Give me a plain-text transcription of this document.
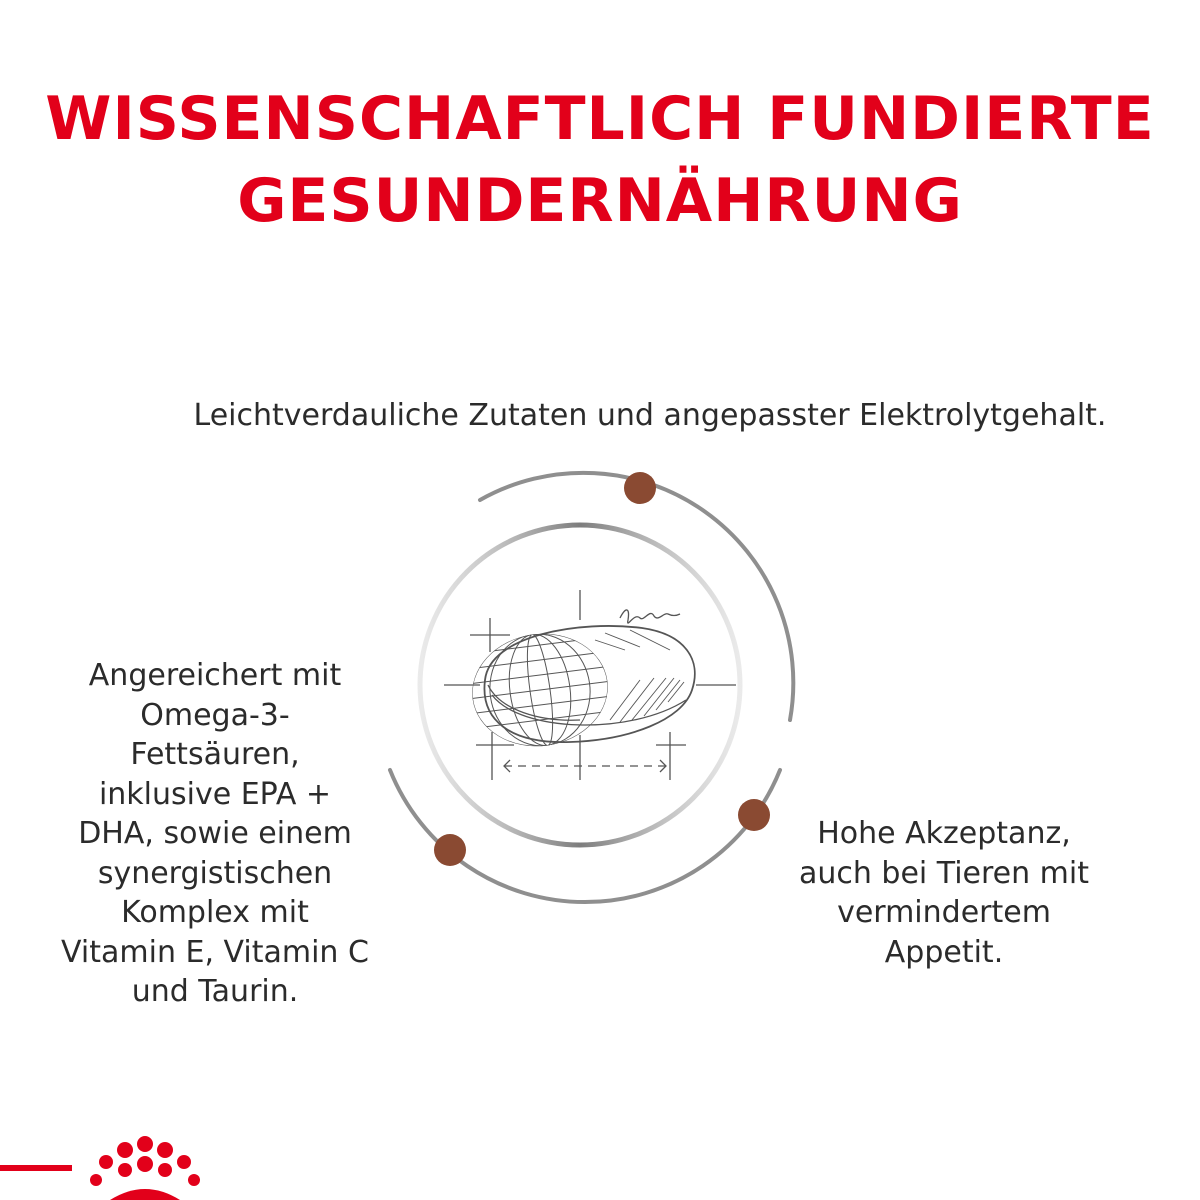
WISSENSCHAFTLICH FUNDIERTE
GESUNDERNÄHRUNG

Leichtverdauliche Zutaten und angepasster Elektrolytgehalt.

Angereichert mit Omega-3-Fettsäuren, inklusive EPA + DHA, sowie einem synergistischen Komplex mit Vitamin E, Vitamin C und Taurin.

Hohe Akzeptanz, auch bei Tieren mit vermindertem Appetit.
